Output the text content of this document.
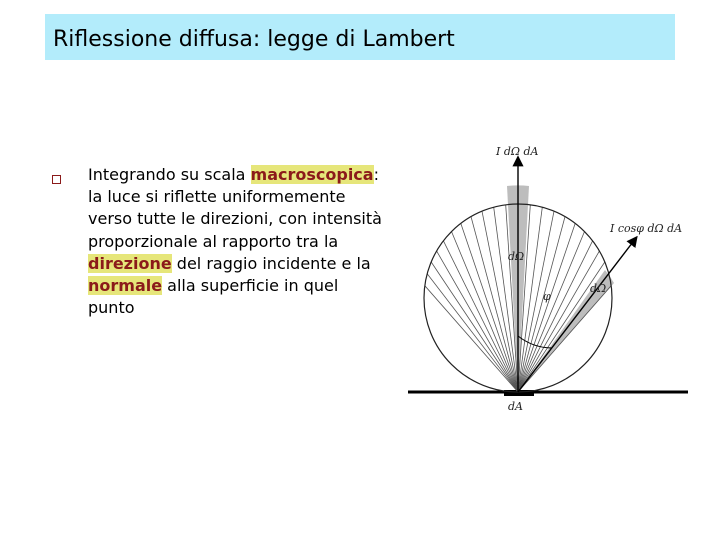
Riflessione diffusa: legge di Lambert
Integrando su scala macroscopica: la luce si riflette uniformemente verso tutte le direzioni, con intensità proporzionale al rapporto tra la direzione del raggio incidente e la normale alla superficie in quel punto
I dΩ dA
I cosφ dΩ dA
dΩ
dΩ
φ
dA
